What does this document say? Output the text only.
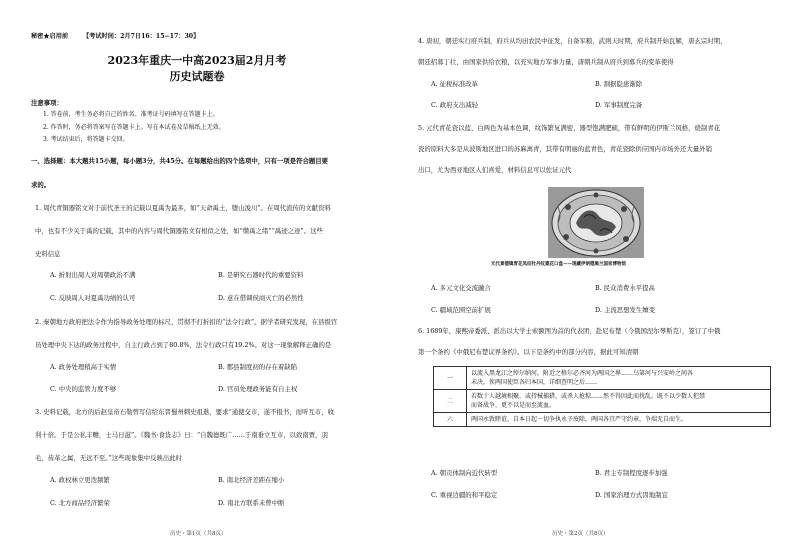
秘密★启用前 【考试时间：2月7日16：15−17：30】
2023年重庆一中高2023届2月月考
历史试题卷
注意事项：
1. 答卷前，考生务必将自己的姓名、准考证号码填写在答题卡上。
2. 作答时，务必将答案写在答题卡上。写在本试卷及草稿纸上无效。
3. 考试结束后，将答题卡交回。
一、选择题：本大题共15小题，每小题3分，共45分。在每题给出的四个选项中，只有一项是符合题目要
求的。
1. 周代青铜器铭文对于前代圣王的记载以夏禹为最多，如“天命禹土，堕山浚川”。在周代流传的文献资料
中，也有不少关于禹的记载，其中的内容与周代铜器铭文有相似之处，如“缵禹之绪”“禹迹之迹”。这些
史料信息
A. 折射出周人对周朝政治不满	B. 是研究石器时代的重要资料
C. 反映周人对夏禹功绩的认可	D. 意在借调侯商灭亡的必然性
2. 秦朝地方政府把法令作为指导政务处理的标尺，贯彻不打折扣的“法令行政”。据学者研究发现，在县级官
员处理中央下达的政务过程中，自主行政占到了80.8%，法令行政只有19.2%。对这一现象解释正确的是
A. 政务处理稍高于实情	B. 郡县制度初的存在着缺陷
C. 中央的监管力度不够	D. 官员处理政务能有自主权
3. 史料记载，北方的后赵皇帝石勒曾写信给东晋蜀州刺史祖逖，要求“通使交市，遂不报书，而听互市，收
利十倍。于是公私丰赡，士马日滋”。《魏书·食货志》曰：“自魏德既广……于南垂立互市，以致南贾，羽
毛、齿革之属，无远不至。”这些现象集中反映出此时
A. 政权林立更迭频繁	B. 南北经济差距在缩小
C. 北方商品经济繁荣	D. 南北方联系未曾中断
历史・第1页（共8页）
4. 唐初，朝廷实行府兵制，府兵从均田农民中征发，自备军粮，武则天时期，府兵制开始瓦解，唐玄宗时期，
朝廷招募丁壮，由国家供给衣粮，以充实地方军事力量，唐朝兵制从府兵到募兵的变革使得
A. 征税标准改革	B. 割据隐患渐除
C. 政府支出减轻	D. 军事制度完备
5. 元代青花瓷以蓝、白两色为基本色调，纹饰繁复满密，器型饱满肥硕，带有鲜明的伊斯兰风格，烧制青花
瓷的原料大多是从波斯地区进口的苏麻离青，其带有明丽的蓝青色，青花瓷除供应国内市场外还大量外销
出口，尤为西亚地区人们喜爱，材料信息可以佐证元代
元代景德镇青花凤纹牡丹纹菱花口盘——现藏伊朗德黑兰国家博物馆
A. 多元文化交流融合	B. 民众消费水平提高
C. 疆域范围空前扩展	D. 主流思想发生嬗变
6. 1689年，康熙帝委派、派出以大学士索额图为首的代表团，赴尼布楚（今俄国涅尔琴斯克），签订了中俄
第一个条约《中俄尼布楚议界条约》。以下是条约中的部分内容，据此可知清朝
一	以流入黑龙江之绰尔纳河，附近之格尔必齐河为两国之界……乌第河与兴安岭之间各
未决，俟两国使臣各归本国，详细查明之后……

二	若数十人越境相聚，或持械捕猎，或杀人抢掠……然不得因此而扰乱。既不以少数人犯禁
而备战争，更不以是而至流血。

六	两国永敦睦谊，自本日起一切争执永予废除，两国各宜严守约章，争端无自而生。
A. 朝贡体制向近代转型	B. 君主专制程度逐步加强
C. 重视边疆的和平稳定	D. 国家治理方式因地制宜
历史・第2页（共8页）
